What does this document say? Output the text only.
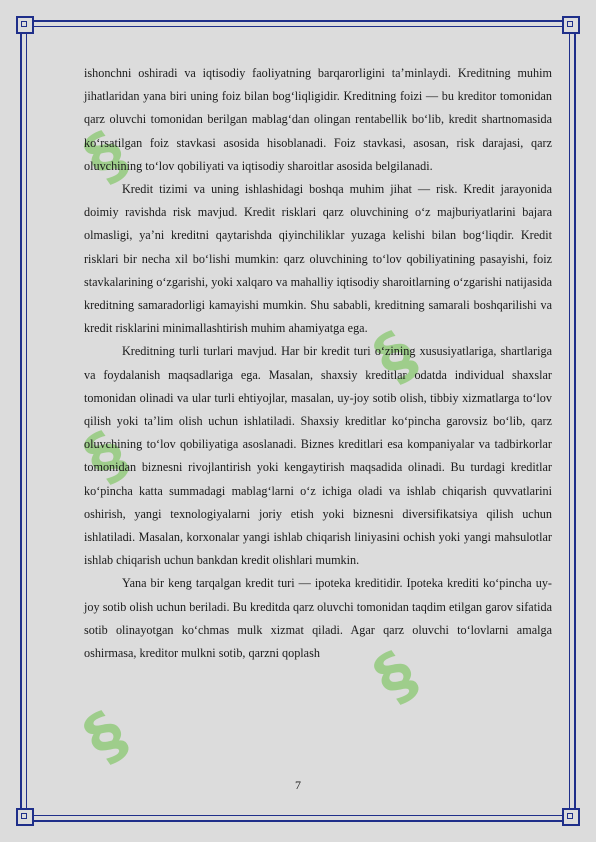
§
§
§
§
§

ishonchni oshiradi va iqtisodiy faoliyatning barqarorligini ta’minlaydi. Kreditning muhim jihatlaridan yana biri uning foiz bilan bog‘liqligidir. Kreditning foizi — bu kreditor tomonidan qarz oluvchi tomonidan berilgan mablag‘dan olingan rentabellik bo‘lib, kredit shartnomasida ko‘rsatilgan foiz stavkasi asosida hisoblanadi. Foiz stavkasi, asosan, risk darajasi, qarz oluvchining to‘lov qobiliyati va iqtisodiy sharoitlar asosida belgilanadi.

Kredit tizimi va uning ishlashidagi boshqa muhim jihat — risk. Kredit jarayonida doimiy ravishda risk mavjud. Kredit risklari qarz oluvchining o‘z majburiyatlarini bajara olmasligi, ya’ni kreditni qaytarishda qiyinchiliklar yuzaga kelishi bilan bog‘liqdir. Kredit risklari bir necha xil bo‘lishi mumkin: qarz oluvchining to‘lov qobiliyatining pasayishi, foiz stavkalarining o‘zgarishi, yoki xalqaro va mahalliy iqtisodiy sharoitlarning o‘zgarishi natijasida kreditning samaradorligi kamayishi mumkin. Shu sababli, kreditning samarali boshqarilishi va kredit risklarini minimallashtirish muhim ahamiyatga ega.

Kreditning turli turlari mavjud. Har bir kredit turi o‘zining xususiyatlariga, shartlariga va foydalanish maqsadlariga ega. Masalan, shaxsiy kreditlar odatda individual shaxslar tomonidan olinadi va ular turli ehtiyojlar, masalan, uy-joy sotib olish, tibbiy xizmatlarga to‘lov qilish yoki ta’lim olish uchun ishlatiladi. Shaxsiy kreditlar ko‘pincha garovsiz bo‘lib, qarz oluvchining to‘lov qobiliyatiga asoslanadi. Biznes kreditlari esa kompaniyalar va tadbirkorlar tomonidan biznesni rivojlantirish yoki kengaytirish maqsadida olinadi. Bu turdagi kreditlar ko‘pincha katta summadagi mablag‘larni o‘z ichiga oladi va ishlab chiqarish quvvatlarini oshirish, yangi texnologiyalarni joriy etish yoki biznesni diversifikatsiya qilish uchun ishlatiladi. Masalan, korxonalar yangi ishlab chiqarish liniyasini ochish yoki yangi mahsulotlar ishlab chiqarish uchun bankdan kredit olishlari mumkin.

Yana bir keng tarqalgan kredit turi — ipoteka kreditidir. Ipoteka krediti ko‘pincha uy-joy sotib olish uchun beriladi. Bu kreditda qarz oluvchi tomonidan taqdim etilgan garov sifatida sotib olinayotgan ko‘chmas mulk xizmat qiladi. Agar qarz oluvchi to‘lovlarni amalga oshirmasa, kreditor mulkni sotib, qarzni qoplash

7
